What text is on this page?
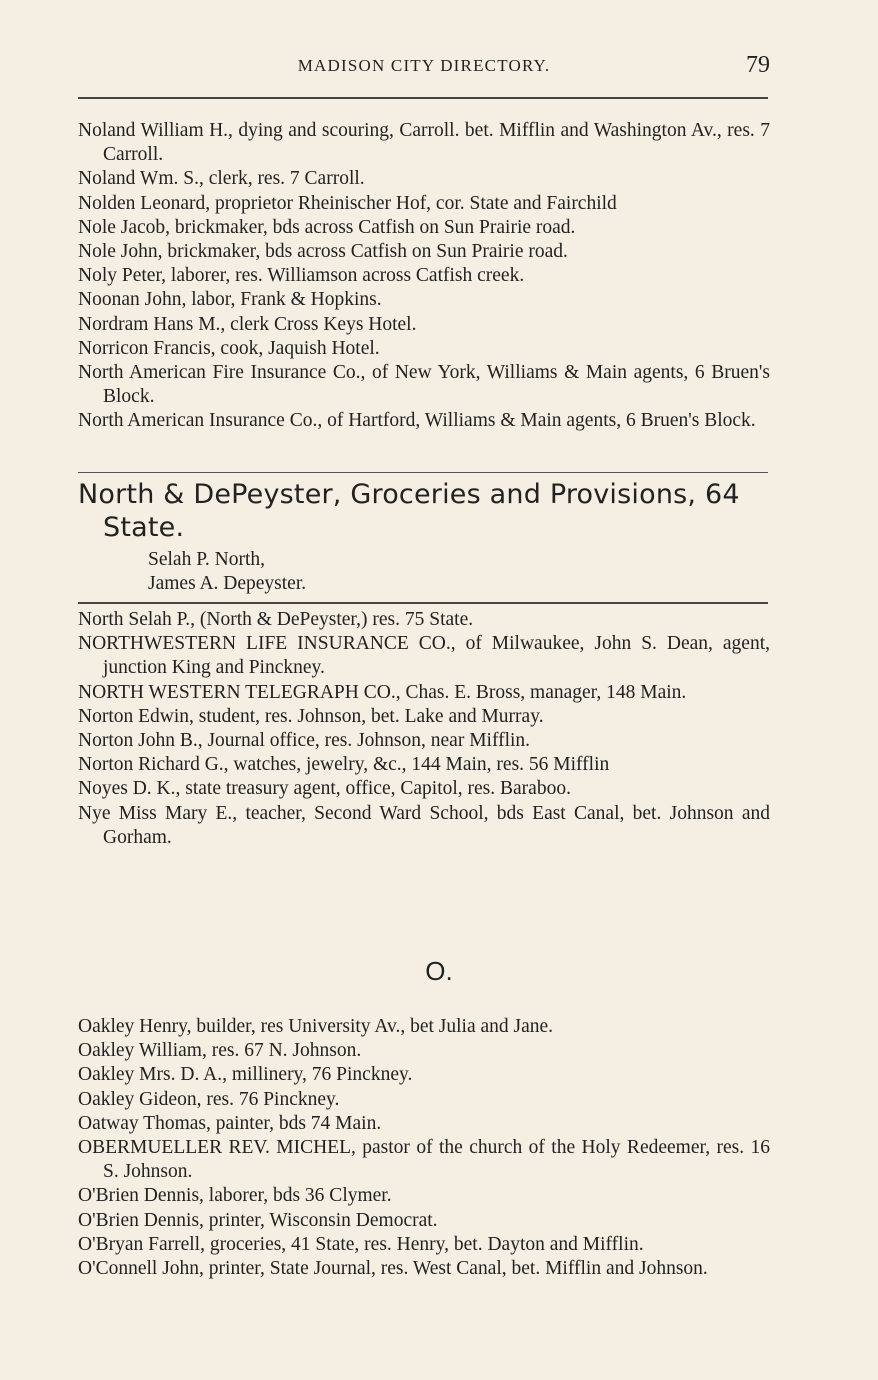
MADISON CITY DIRECTORY.	79

Noland William H., dying and scouring, Carroll. bet. Mifflin and Washington Av., res. 7 Carroll.

Noland Wm. S., clerk, res. 7 Carroll.

Nolden Leonard, proprietor Rheinischer Hof, cor. State and Fairchild

Nole Jacob, brickmaker, bds across Catfish on Sun Prairie road.

Nole John, brickmaker, bds across Catfish on Sun Prairie road.

Noly Peter, laborer, res. Williamson across Catfish creek.

Noonan John, labor, Frank & Hopkins.

Nordram Hans M., clerk Cross Keys Hotel.

Norricon Francis, cook, Jaquish Hotel.

North American Fire Insurance Co., of New York, Williams & Main agents, 6 Bruen's Block.

North American Insurance Co., of Hartford, Williams & Main agents, 6 Bruen's Block.

North & DePeyster, Groceries and Provisions, 64 State.

Selah P. North,

James A. Depeyster.

North Selah P., (North & DePeyster,) res. 75 State.

NORTHWESTERN LIFE INSURANCE CO., of Milwaukee, John S. Dean, agent, junction King and Pinckney.

NORTH WESTERN TELEGRAPH CO., Chas. E. Bross, manager, 148 Main.

Norton Edwin, student, res. Johnson, bet. Lake and Murray.

Norton John B., Journal office, res. Johnson, near Mifflin.

Norton Richard G., watches, jewelry, &c., 144 Main, res. 56 Mifflin

Noyes D. K., state treasury agent, office, Capitol, res. Baraboo.

Nye Miss Mary E., teacher, Second Ward School, bds East Canal, bet. Johnson and Gorham.

O.

Oakley Henry, builder, res University Av., bet Julia and Jane.

Oakley William, res. 67 N. Johnson.

Oakley Mrs. D. A., millinery, 76 Pinckney.

Oakley Gideon, res. 76 Pinckney.

Oatway Thomas, painter, bds 74 Main.

OBERMUELLER REV. MICHEL, pastor of the church of the Holy Redeemer, res. 16 S. Johnson.

O'Brien Dennis, laborer, bds 36 Clymer.

O'Brien Dennis, printer, Wisconsin Democrat.

O'Bryan Farrell, groceries, 41 State, res. Henry, bet. Dayton and Mifflin.

O'Connell John, printer, State Journal, res. West Canal, bet. Mifflin and Johnson.
